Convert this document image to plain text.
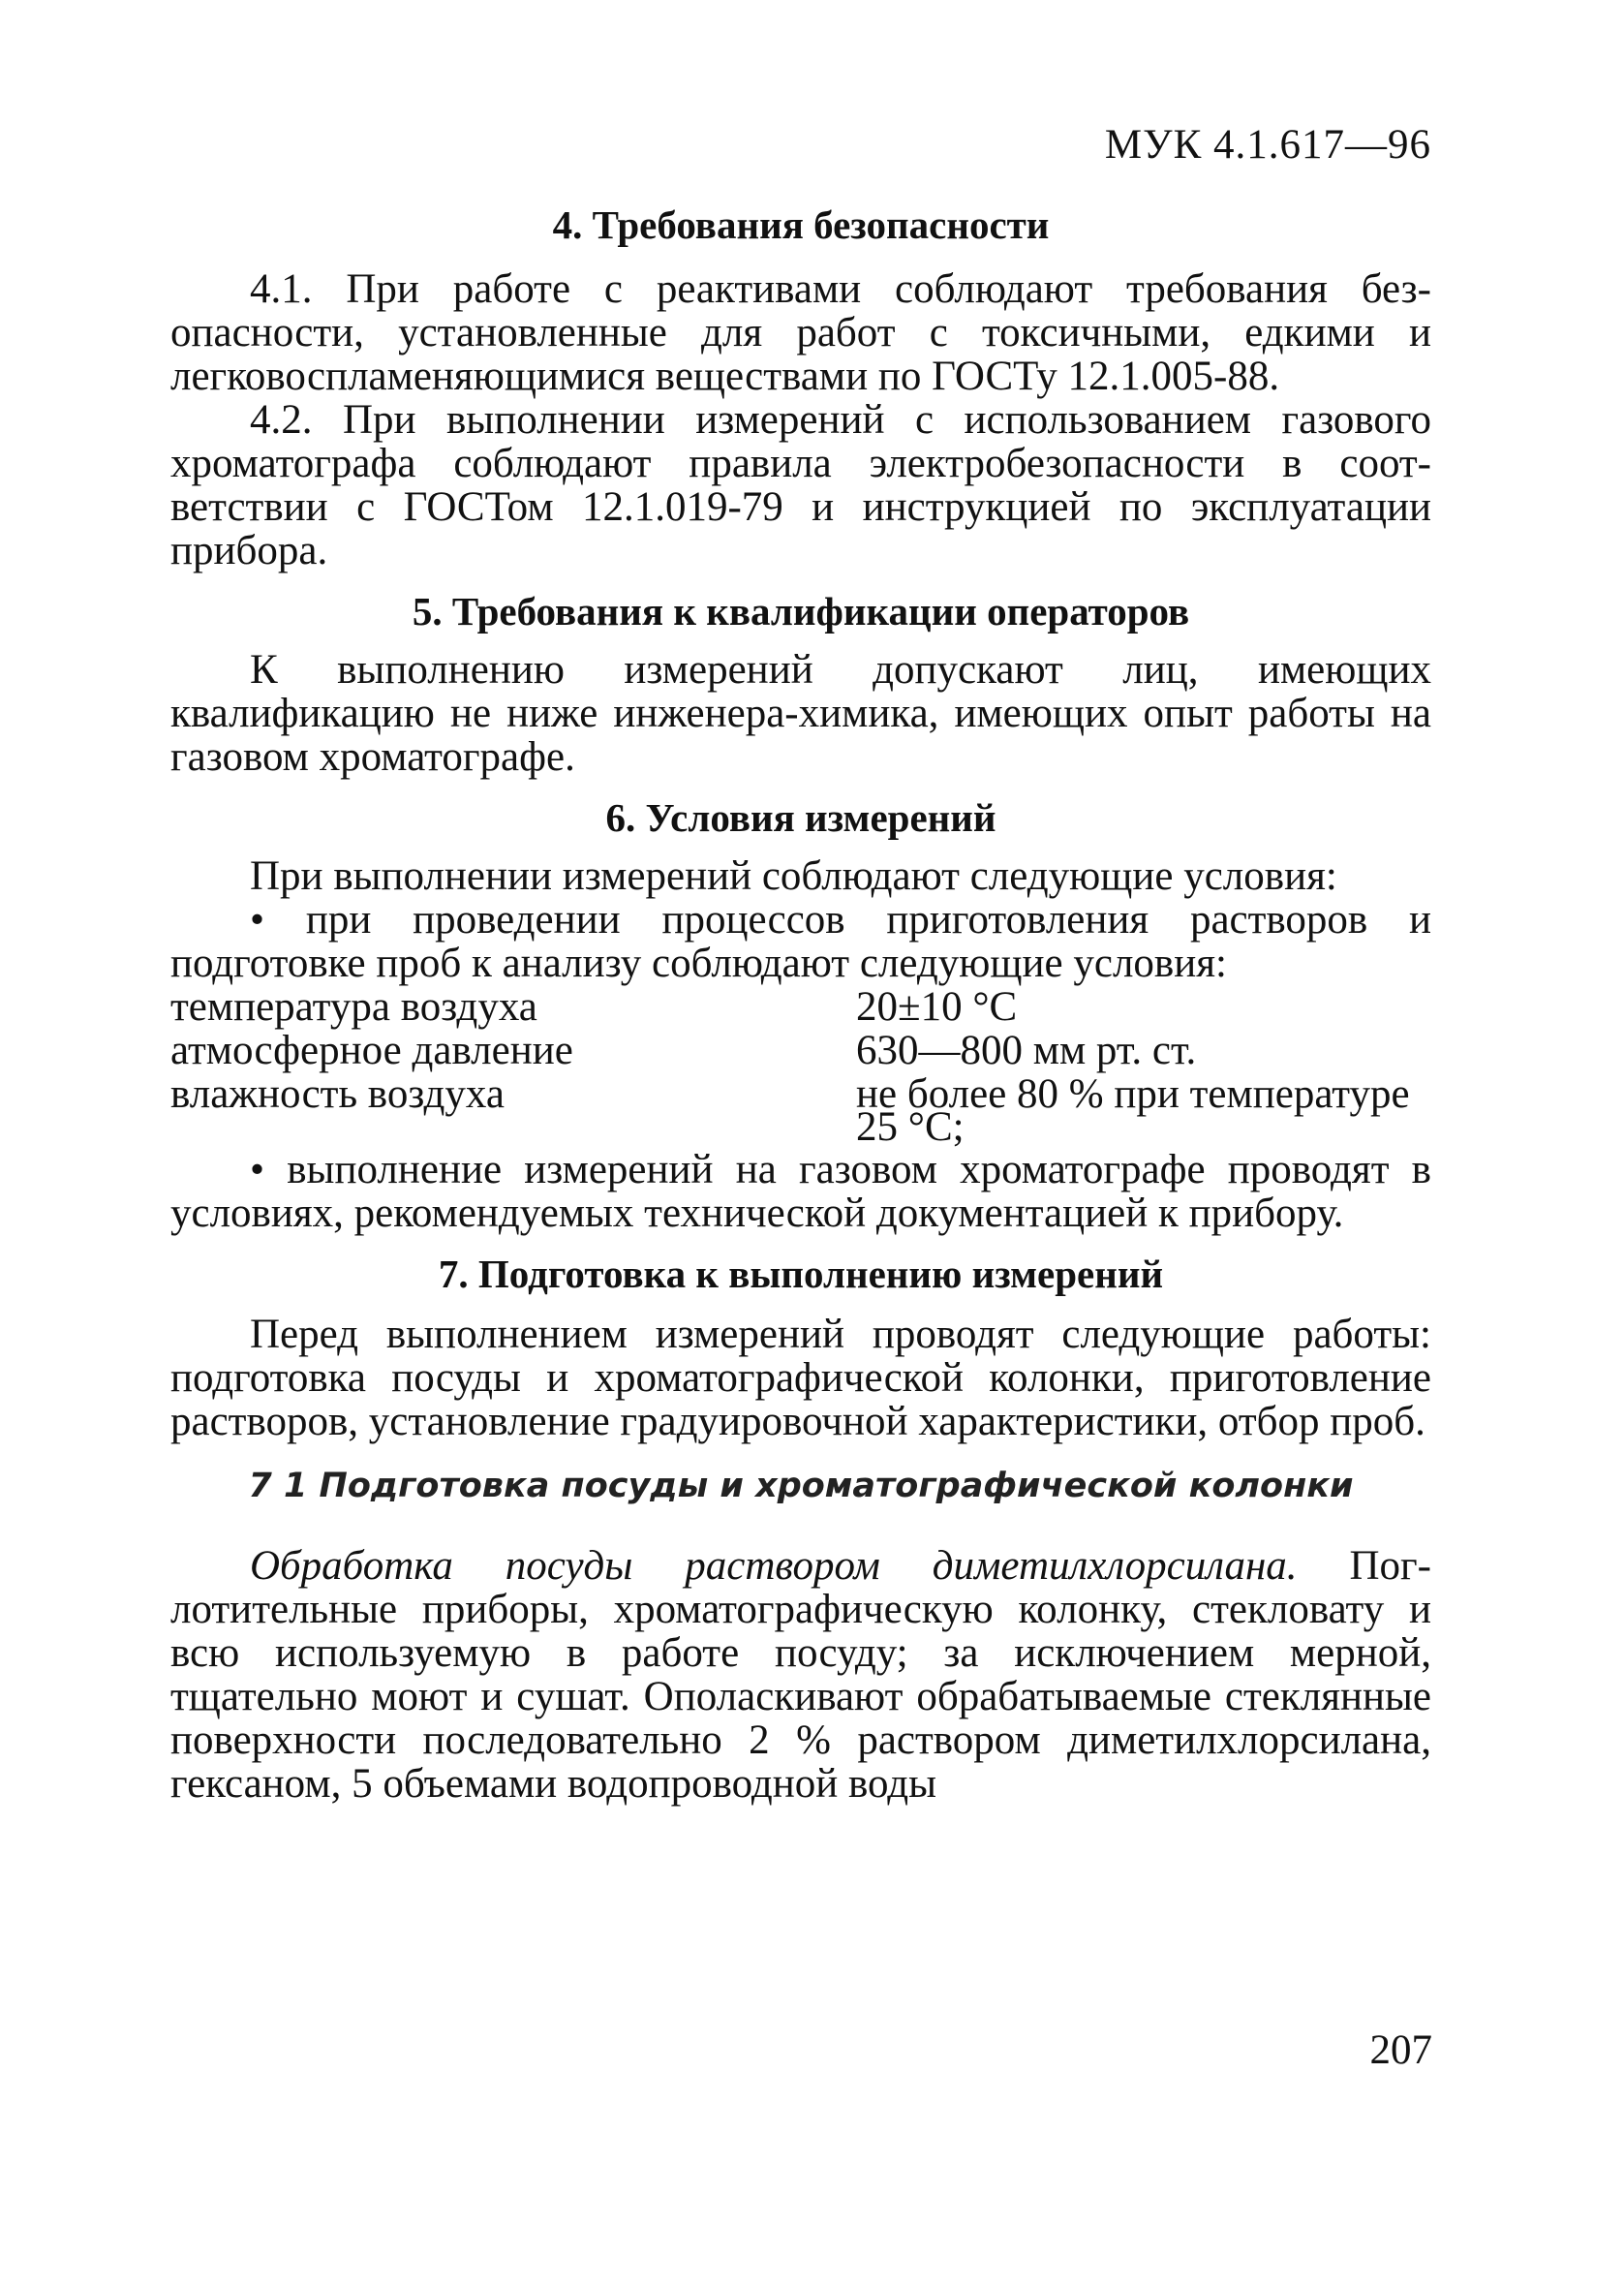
МУК 4.1.617—96
4. Требования безопасности

4.1. При работе с реактивами соблюдают требования безопасности, установленные для работ с токсичными, едкими и легковоспламеняющимися веществами по ГОСТу 12.1.005-88.

4.2. При выполнении измерений с использованием газового хроматографа соблюдают правила электробезопасности в соответствии с ГОСТом 12.1.019-79 и инструкцией по эксплуатации прибора.

5. Требования к квалификации операторов

К выполнению измерений допускают лиц, имеющих квалификацию не ниже инженера-химика, имеющих опыт работы на газовом хроматографе.

6. Условия измерений

При выполнении измерений соблюдают следующие условия:

• при проведении процессов приготовления растворов и подготовке проб к анализу соблюдают следующие условия:

температура воздуха	20±10 °С
атмосферное давление	630—800 мм рт. ст.
влажность воздуха	не более 80 % при температуре 25 °С;

• выполнение измерений на газовом хроматографе проводят в условиях, рекомендуемых технической документацией к прибору.

7. Подготовка к выполнению измерений

Перед выполнением измерений проводят следующие работы: подготовка посуды и хроматографической колонки, приготовление растворов, установление градуировочной характеристики, отбор проб.

7 1 Подготовка посуды и хроматографической колонки

Обработка посуды раствором диметилхлорсилана. Поглотительные приборы, хроматографическую колонку, стекловату и всю используемую в работе посуду; за исключением мерной, тщательно моют и сушат. Ополаскивают обрабатываемые стеклянные поверхности последовательно 2 % раствором диметилхлорсилана, гексаном, 5 объемами водопроводной воды

207
